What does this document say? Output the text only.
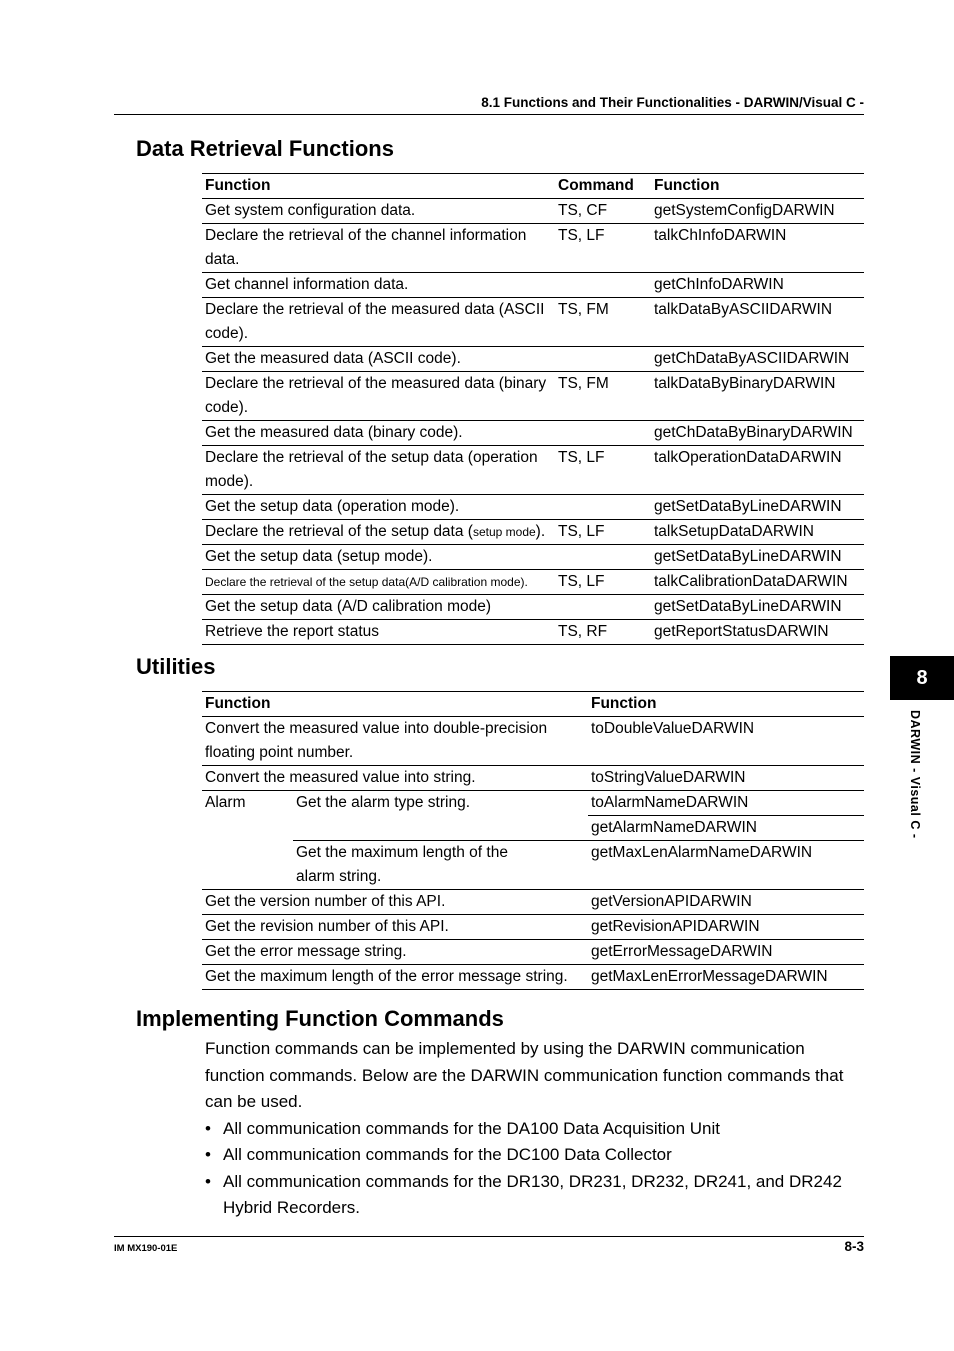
8.1 Functions and Their Functionalities - DARWIN/Visual C -
Data Retrieval Functions
Function	Command	Function
Get system configuration data.	TS, CF	getSystemConfigDARWIN
Declare the retrieval of the channel information data.	TS, LF	talkChInfoDARWIN
Get channel information data.		getChInfoDARWIN
Declare the retrieval of the measured data (ASCII code).	TS, FM	talkDataByASCIIDARWIN
Get the measured data (ASCII code).		getChDataByASCIIDARWIN
Declare the retrieval of the measured data (binary code).	TS, FM	talkDataByBinaryDARWIN
Get the measured data (binary code).		getChDataByBinaryDARWIN
Declare the retrieval of the setup data (operation mode).	TS, LF	talkOperationDataDARWIN
Get the setup data (operation mode).		getSetDataByLineDARWIN
Declare the retrieval of the setup data (setup mode).	TS, LF	talkSetupDataDARWIN
Get the setup data (setup mode).		getSetDataByLineDARWIN
Declare the retrieval of the setup data(A/D calibration mode).	TS, LF	talkCalibrationDataDARWIN
Get the setup data (A/D calibration mode)		getSetDataByLineDARWIN
Retrieve the report status	TS, RF	getReportStatusDARWIN
Utilities
Function		Function
Convert the measured value into double-precision floating point number.		toDoubleValueDARWIN
Convert the measured value into string.		toStringValueDARWIN
Alarm	Get the alarm type string.	toAlarmNameDARWIN
		getAlarmNameDARWIN
	Get the maximum length of the alarm string.	getMaxLenAlarmNameDARWIN
Get the version number of this API.		getVersionAPIDARWIN
Get the revision number of this API.		getRevisionAPIDARWIN
Get the error message string.		getErrorMessageDARWIN
Get the maximum length of the error message string.		getMaxLenErrorMessageDARWIN
Implementing Function Commands

Function commands can be implemented by using the DARWIN communication function commands. Below are the DARWIN communication function commands that can be used.

• All communication commands for the DA100 Data Acquisition Unit
• All communication commands for the DC100 Data Collector
• All communication commands for the DR130, DR231, DR232, DR241, and DR242 Hybrid Recorders.
8
DARWIN - Visual C -
IM MX190-01E	8-3
